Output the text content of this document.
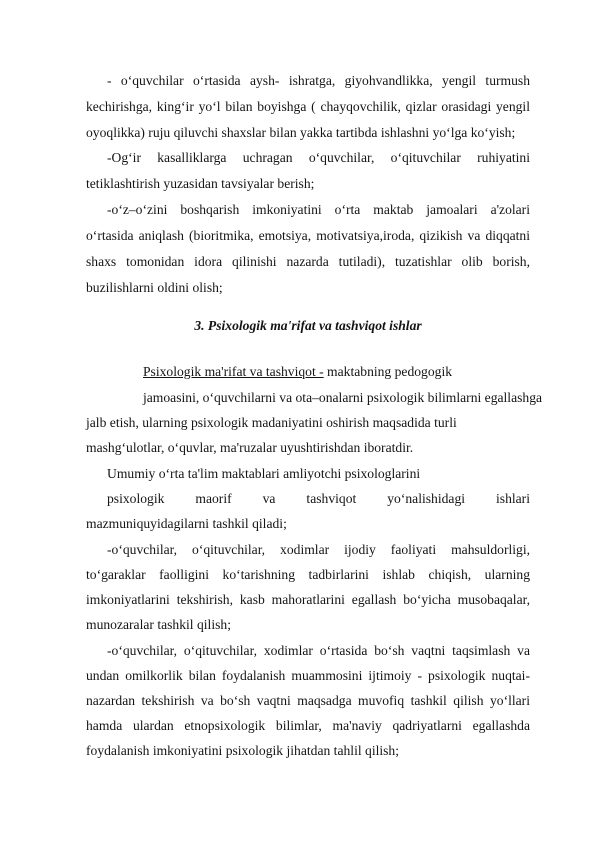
- o‘quvchilar o‘rtasida aysh- ishratga, giyohvandlikka, yengil turmush
kechirishga, king‘ir yo‘l bilan boyishga ( chayqovchilik, qizlar orasidagi yengil
oyoqlikka) ruju qiluvchi shaxslar bilan yakka tartibda ishlashni yo‘lga ko‘yish;
-Og‘ir kasalliklarga uchragan o‘quvchilar, o‘qituvchilar ruhiyatini
tetiklashtirish yuzasidan tavsiyalar berish;
-o‘z–o‘zini boshqarish imkoniyatini o‘rta maktab jamoalari a'zolari
o‘rtasida aniqlash (bioritmika, emotsiya, motivatsiya,iroda, qizikish va diqqatni
shaxs tomonidan idora qilinishi nazarda tutiladi), tuzatishlar olib borish,
buzilishlarni oldini olish;
3. Psixologik ma'rifat va tashviqot ishlar
Psixologik ma'rifat va tashviqot - maktabning pedogogik
jamoasini, o‘quvchilarni va ota–onalarni psixologik bilimlarni egallashga
jalb etish, ularning psixologik madaniyatini oshirish maqsadida turli
mashg‘ulotlar, o‘quvlar, ma'ruzalar uyushtirishdan iboratdir.
Umumiy o‘rta ta'lim maktablari amliyotchi psixologlarini
psixologik maorif va tashviqot yo‘nalishidagi ishlari
mazmuniquyidagilarni tashkil qiladi;
-o‘quvchilar, o‘qituvchilar, xodimlar ijodiy faoliyati mahsuldorligi,
to‘garaklar faolligini ko‘tarishning tadbirlarini ishlab chiqish, ularning
imkoniyatlarini tekshirish, kasb mahoratlarini egallash bo‘yicha musobaqalar,
munozaralar tashkil qilish;
-o‘quvchilar, o‘qituvchilar, xodimlar o‘rtasida bo‘sh vaqtni taqsimlash va
undan omilkorlik bilan foydalanish muammosini ijtimoiy - psixologik nuqtai-
nazardan tekshirish va bo‘sh vaqtni maqsadga muvofiq tashkil qilish yo‘llari
hamda ulardan etnopsixologik bilimlar, ma'naviy qadriyatlarni egallashda
foydalanish imkoniyatini psixologik jihatdan tahlil qilish;
